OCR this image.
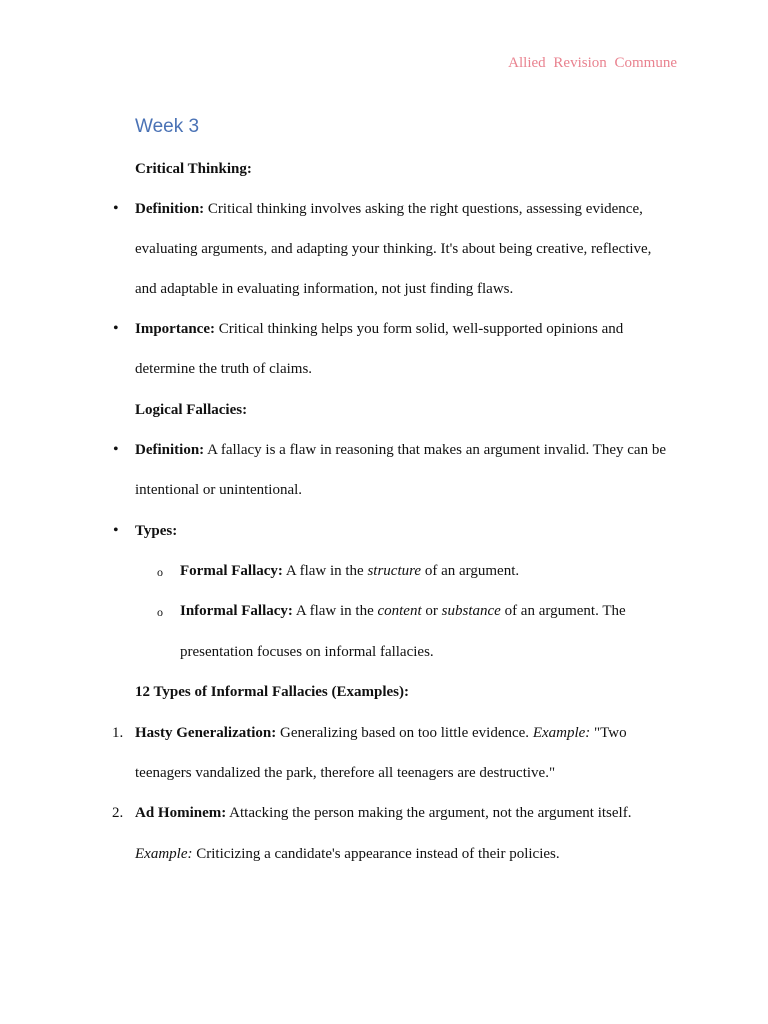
Allied Revision Commune
Week 3
Critical Thinking:
• Definition: Critical thinking involves asking the right questions, assessing evidence,
evaluating arguments, and adapting your thinking. It's about being creative, reflective,
and adaptable in evaluating information, not just finding flaws.
• Importance: Critical thinking helps you form solid, well-supported opinions and
determine the truth of claims.
Logical Fallacies:
• Definition: A fallacy is a flaw in reasoning that makes an argument invalid. They can be
intentional or unintentional.
• Types:
o Formal Fallacy: A flaw in the structure of an argument.
o Informal Fallacy: A flaw in the content or substance of an argument. The
presentation focuses on informal fallacies.
12 Types of Informal Fallacies (Examples):
1. Hasty Generalization: Generalizing based on too little evidence. Example: "Two
teenagers vandalized the park, therefore all teenagers are destructive."
2. Ad Hominem: Attacking the person making the argument, not the argument itself.
Example: Criticizing a candidate's appearance instead of their policies.
